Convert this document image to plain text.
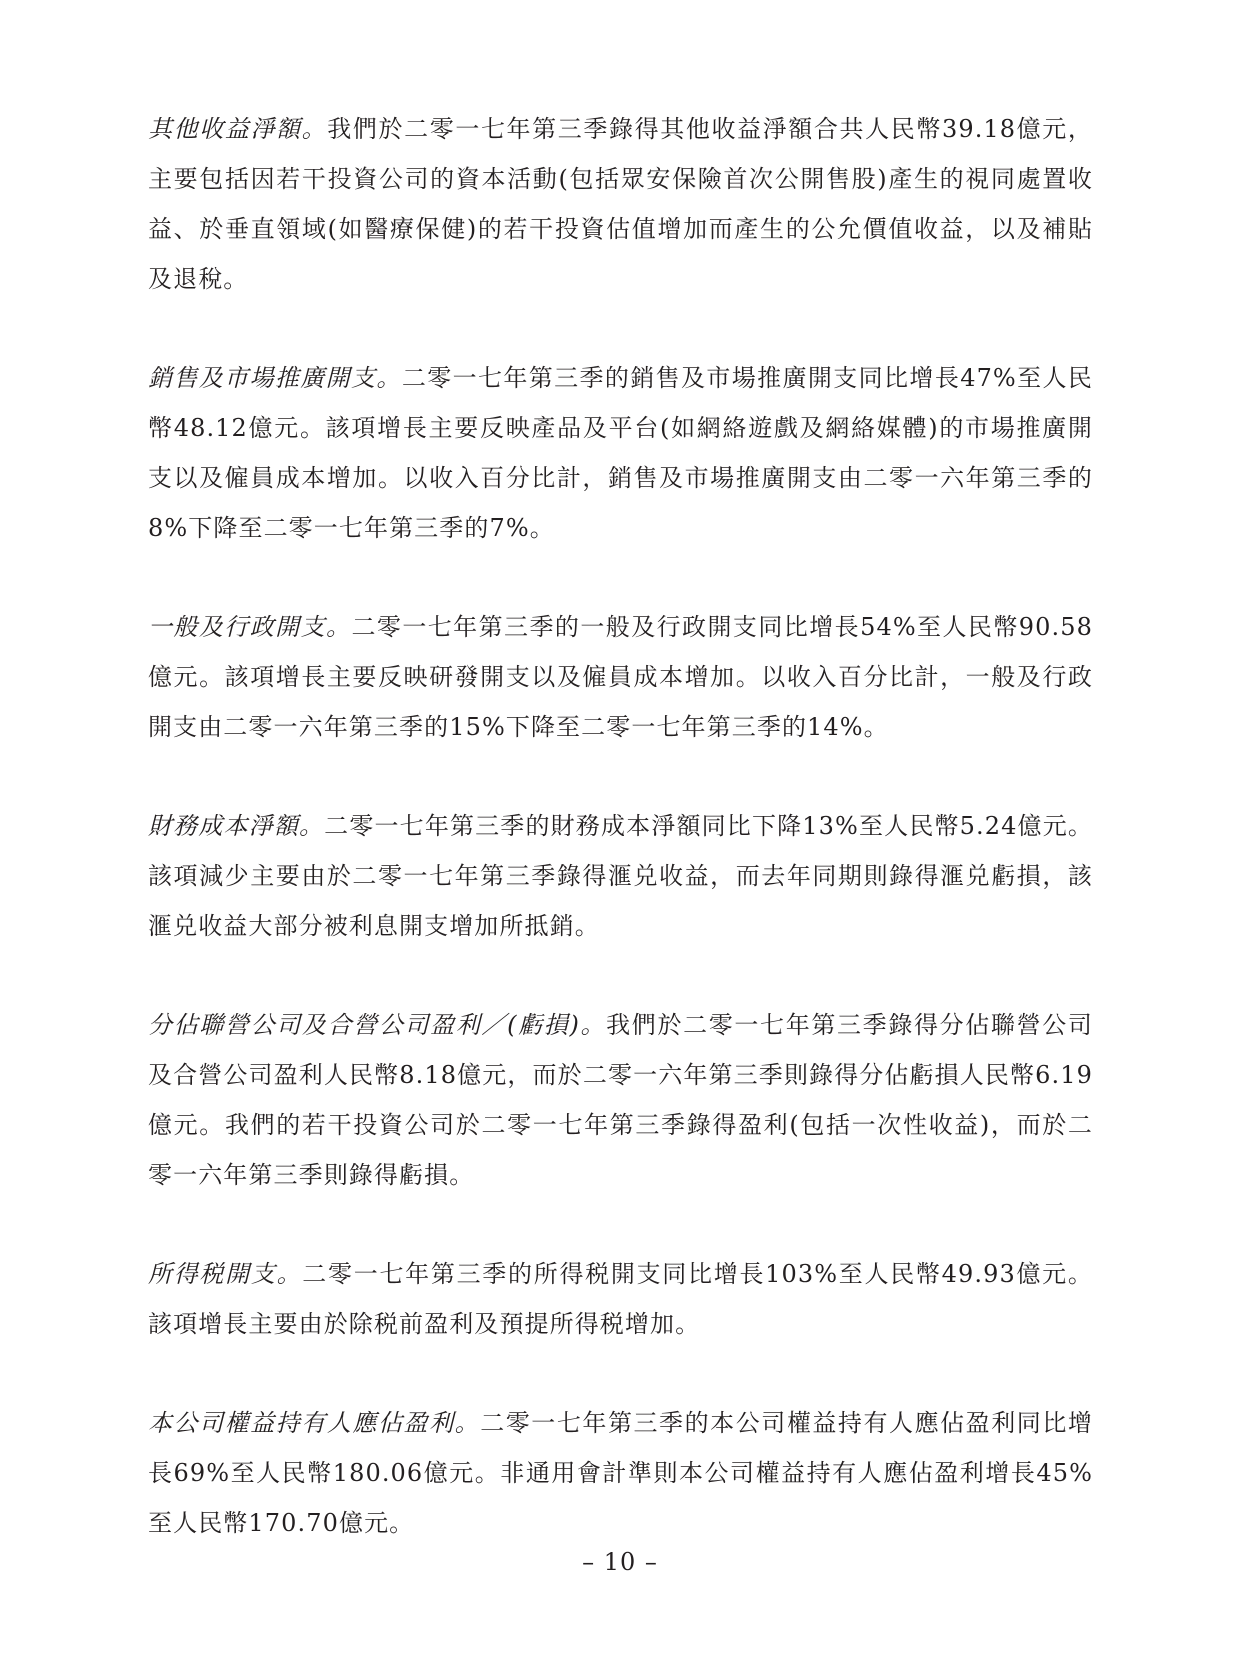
其他收益淨額。我們於二零一七年第三季錄得其他收益淨額合共人民幣39.18億元，主要包括因若干投資公司的資本活動(包括眾安保險首次公開售股)產生的視同處置收益、於垂直領域(如醫療保健)的若干投資估值增加而產生的公允價值收益，以及補貼及退稅。

銷售及市場推廣開支。二零一七年第三季的銷售及市場推廣開支同比增長47%至人民幣48.12億元。該項增長主要反映產品及平台(如網絡遊戲及網絡媒體)的市場推廣開支以及僱員成本增加。以收入百分比計，銷售及市場推廣開支由二零一六年第三季的8%下降至二零一七年第三季的7%。

一般及行政開支。二零一七年第三季的一般及行政開支同比增長54%至人民幣90.58億元。該項增長主要反映研發開支以及僱員成本增加。以收入百分比計，一般及行政開支由二零一六年第三季的15%下降至二零一七年第三季的14%。

財務成本淨額。二零一七年第三季的財務成本淨額同比下降13%至人民幣5.24億元。該項減少主要由於二零一七年第三季錄得滙兑收益，而去年同期則錄得滙兑虧損，該滙兑收益大部分被利息開支增加所抵銷。

分佔聯營公司及合營公司盈利／(虧損)。我們於二零一七年第三季錄得分佔聯營公司及合營公司盈利人民幣8.18億元，而於二零一六年第三季則錄得分佔虧損人民幣6.19億元。我們的若干投資公司於二零一七年第三季錄得盈利(包括一次性收益)，而於二零一六年第三季則錄得虧損。

所得税開支。二零一七年第三季的所得税開支同比增長103%至人民幣49.93億元。該項增長主要由於除税前盈利及預提所得税增加。

本公司權益持有人應佔盈利。二零一七年第三季的本公司權益持有人應佔盈利同比增長69%至人民幣180.06億元。非通用會計準則本公司權益持有人應佔盈利增長45%至人民幣170.70億元。

– 10 –
